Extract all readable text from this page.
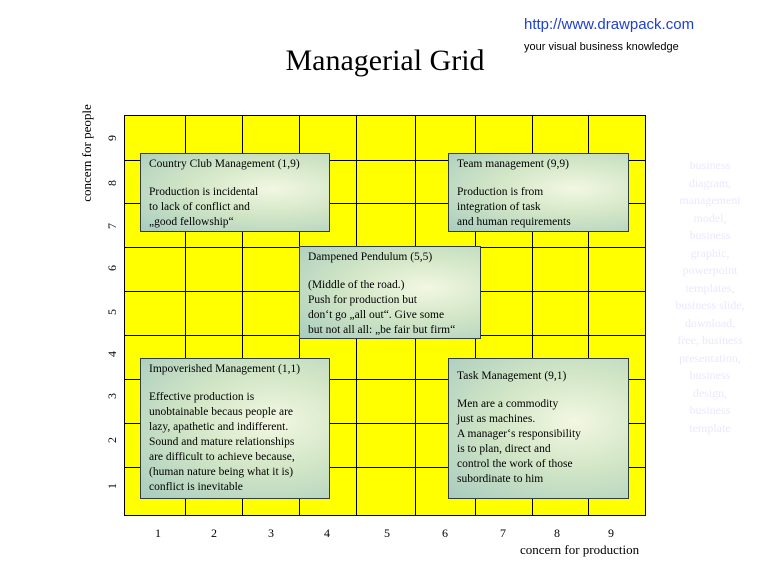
http://www.drawpack.com
your visual business knowledge
Managerial Grid
Country Club Management (1,9)
Production is incidental
to lack of conflict and
„good fellowship“
Team management (9,9)
Production is from
integration of task
and human requirements
Dampened Pendulum (5,5)
(Middle of the road.)
Push for production but
don‘t go „all out“. Give some
but not all all: „be fair but firm“
Impoverished Management (1,1)
Effective production is
unobtainable becaus people are
lazy, apathetic and indifferent.
Sound and mature relationships
are difficult to achieve because,
(human nature being what it is)
conflict is inevitable
Task Management (9,1)
Men are a commodity
just as machines.
A manager‘s responsibility
is to plan, direct and
control the work of those
subordinate to him
1	2	3	4	5	6	7	8	9
1
2
3
4
5
6
7
8
9
concern for production
concern for people	business
diagram,
management
model,
business
graphic,
powerpoint
templates,
business slide,
download,
free, business
presentation,
business
design,
business
template
